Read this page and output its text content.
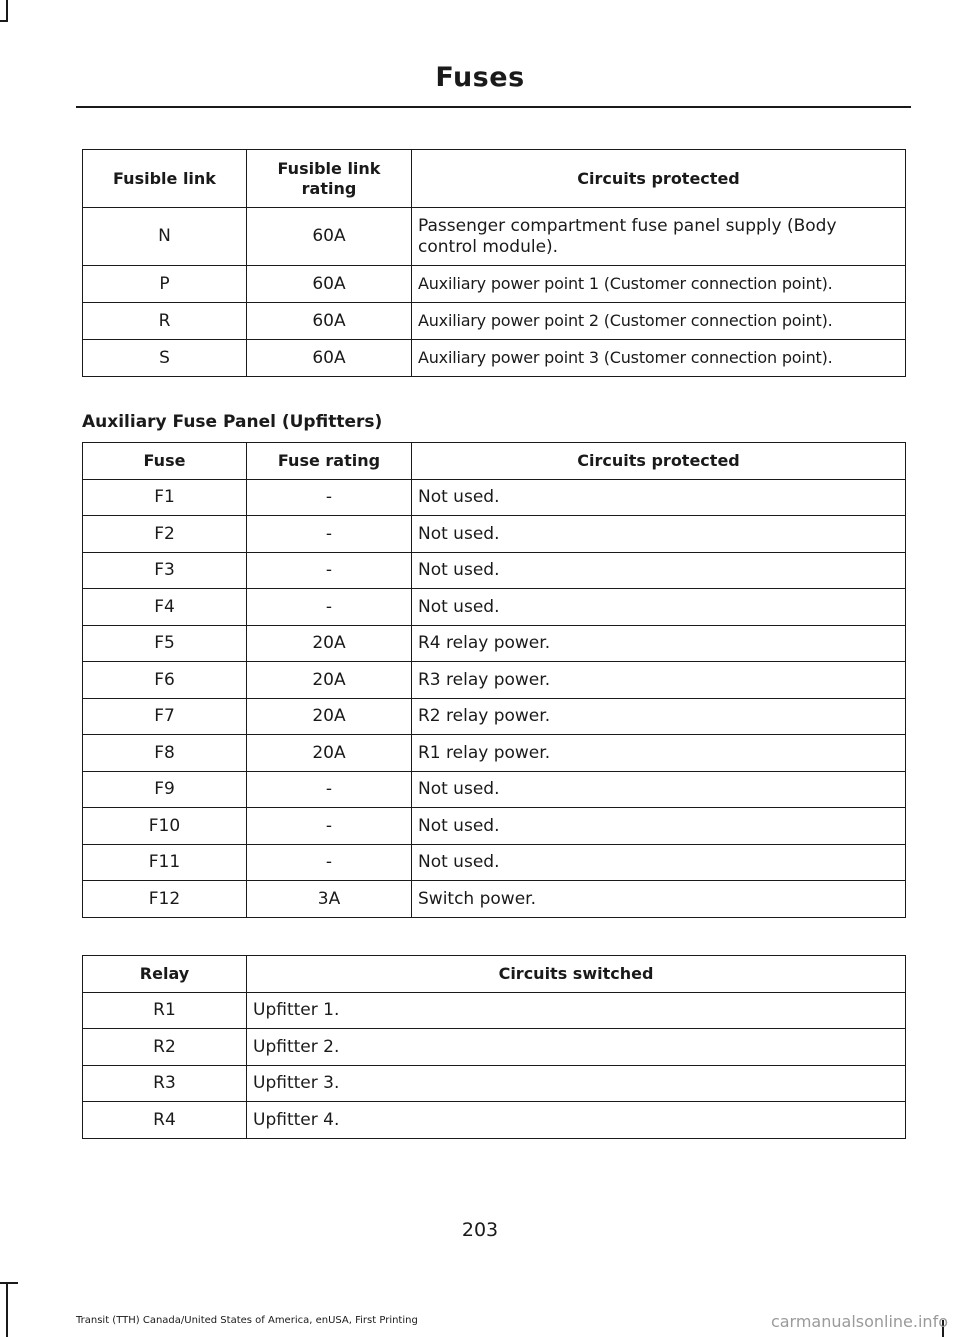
Fuses
Fusible link	Fusible link rating	Circuits protected
N	60A	Passenger compartment fuse panel supply (Body control module).
P	60A	Auxiliary power point 1 (Customer connection point).
R	60A	Auxiliary power point 2 (Customer connection point).
S	60A	Auxiliary power point 3 (Customer connection point).
Auxiliary Fuse Panel (Upfitters)
Fuse	Fuse rating	Circuits protected
F1	-	Not used.
F2	-	Not used.
F3	-	Not used.
F4	-	Not used.
F5	20A	R4 relay power.
F6	20A	R3 relay power.
F7	20A	R2 relay power.
F8	20A	R1 relay power.
F9	-	Not used.
F10	-	Not used.
F11	-	Not used.
F12	3A	Switch power.
Relay	Circuits switched
R1	Upfitter 1.
R2	Upfitter 2.
R3	Upfitter 3.
R4	Upfitter 4.
203
Transit (TTH) Canada/United States of America, enUSA, First Printing	carmanualsonline.info
